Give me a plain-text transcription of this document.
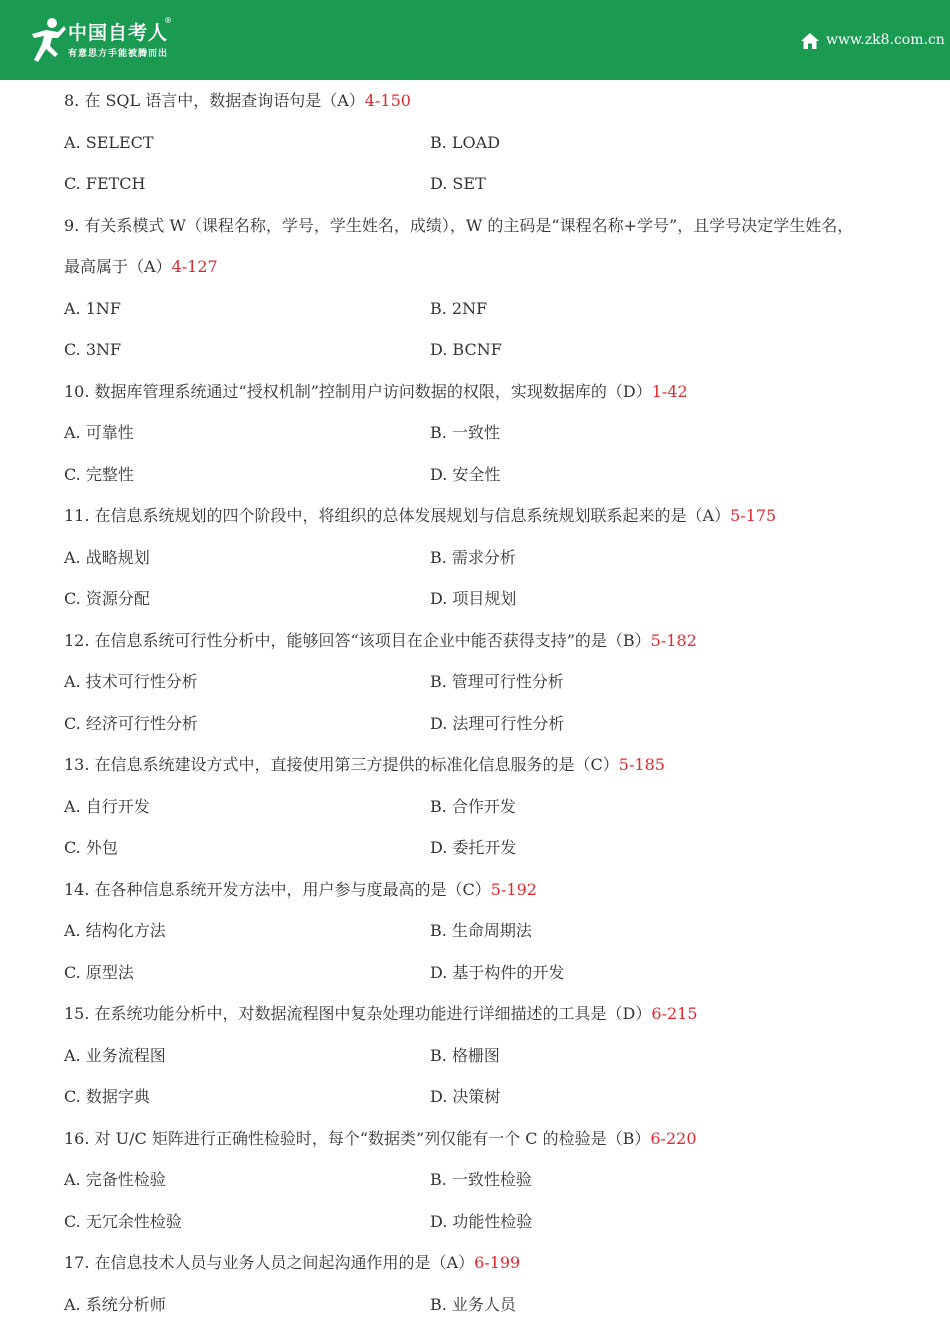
中国自考人
®
有意思方手能被腾而出
www.zk8.com.cn
8. 在 SQL 语言中，数据查询语句是（A）4-150
A. SELECT	B. LOAD
C. FETCH	D. SET
9. 有关系模式 W（课程名称，学号，学生姓名，成绩），W 的主码是“课程名称+学号”，且学号决定学生姓名，
最高属于（A）4-127
A. 1NF	B. 2NF
C. 3NF	D. BCNF
10. 数据库管理系统通过“授权机制”控制用户访问数据的权限，实现数据库的（D）1-42
A. 可靠性	B. 一致性
C. 完整性	D. 安全性
11. 在信息系统规划的四个阶段中，将组织的总体发展规划与信息系统规划联系起来的是（A）5-175
A. 战略规划	B. 需求分析
C. 资源分配	D. 项目规划
12. 在信息系统可行性分析中，能够回答“该项目在企业中能否获得支持”的是（B）5-182
A. 技术可行性分析	B. 管理可行性分析
C. 经济可行性分析	D. 法理可行性分析
13. 在信息系统建设方式中，直接使用第三方提供的标准化信息服务的是（C）5-185
A. 自行开发	B. 合作开发
C. 外包	D. 委托开发
14. 在各种信息系统开发方法中，用户参与度最高的是（C）5-192
A. 结构化方法	B. 生命周期法
C. 原型法	D. 基于构件的开发
15. 在系统功能分析中，对数据流程图中复杂处理功能进行详细描述的工具是（D）6-215
A. 业务流程图	B. 格栅图
C. 数据字典	D. 决策树
16. 对 U/C 矩阵进行正确性检验时，每个“数据类”列仅能有一个 C 的检验是（B）6-220
A. 完备性检验	B. 一致性检验
C. 无冗余性检验	D. 功能性检验
17. 在信息技术人员与业务人员之间起沟通作用的是（A）6-199
A. 系统分析师	B. 业务人员
